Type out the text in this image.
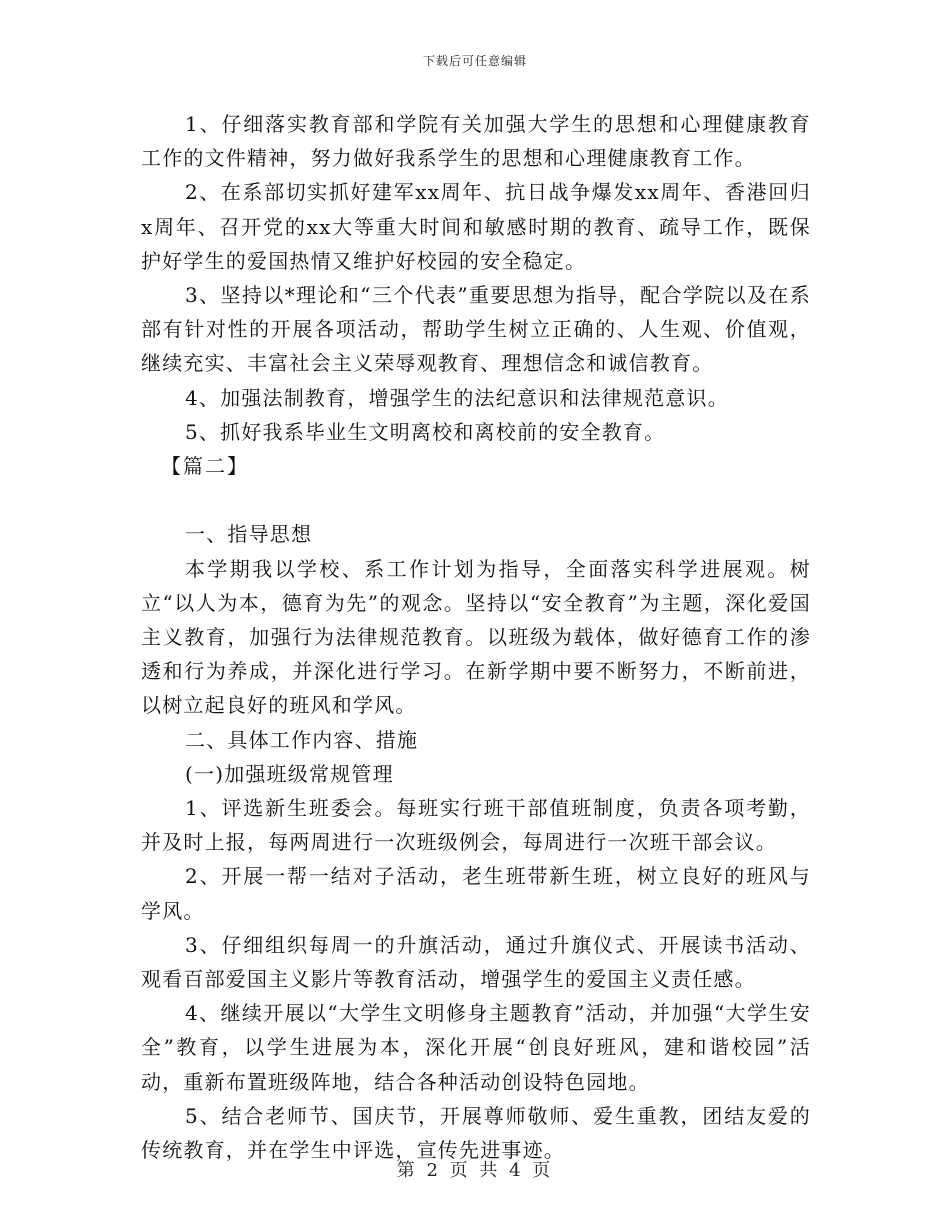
下载后可任意编辑

1、仔细落实教育部和学院有关加强大学生的思想和心理健康教育工作的文件精神，努力做好我系学生的思想和心理健康教育工作。

2、在系部切实抓好建军xx周年、抗日战争爆发xx周年、香港回归x周年、召开党的xx大等重大时间和敏感时期的教育、疏导工作，既保护好学生的爱国热情又维护好校园的安全稳定。

3、坚持以*理论和“三个代表”重要思想为指导，配合学院以及在系部有针对性的开展各项活动，帮助学生树立正确的、人生观、价值观，继续充实、丰富社会主义荣辱观教育、理想信念和诚信教育。

4、加强法制教育，增强学生的法纪意识和法律规范意识。

5、抓好我系毕业生文明离校和离校前的安全教育。

【篇二】

一、指导思想

本学期我以学校、系工作计划为指导，全面落实科学进展观。树立“以人为本，德育为先”的观念。坚持以“安全教育”为主题，深化爱国主义教育，加强行为法律规范教育。以班级为载体，做好德育工作的渗透和行为养成，并深化进行学习。在新学期中要不断努力，不断前进，以树立起良好的班风和学风。

二、具体工作内容、措施

(一)加强班级常规管理

1、评选新生班委会。每班实行班干部值班制度，负责各项考勤，并及时上报，每两周进行一次班级例会，每周进行一次班干部会议。

2、开展一帮一结对子活动，老生班带新生班，树立良好的班风与学风。

3、仔细组织每周一的升旗活动，通过升旗仪式、开展读书活动、观看百部爱国主义影片等教育活动，增强学生的爱国主义责任感。

4、继续开展以“大学生文明修身主题教育”活动，并加强“大学生安全”教育，以学生进展为本，深化开展“创良好班风，建和谐校园”活动，重新布置班级阵地，结合各种活动创设特色园地。

5、结合老师节、国庆节，开展尊师敬师、爱生重教，团结友爱的传统教育，并在学生中评选，宣传先进事迹。

第 2 页 共 4 页
